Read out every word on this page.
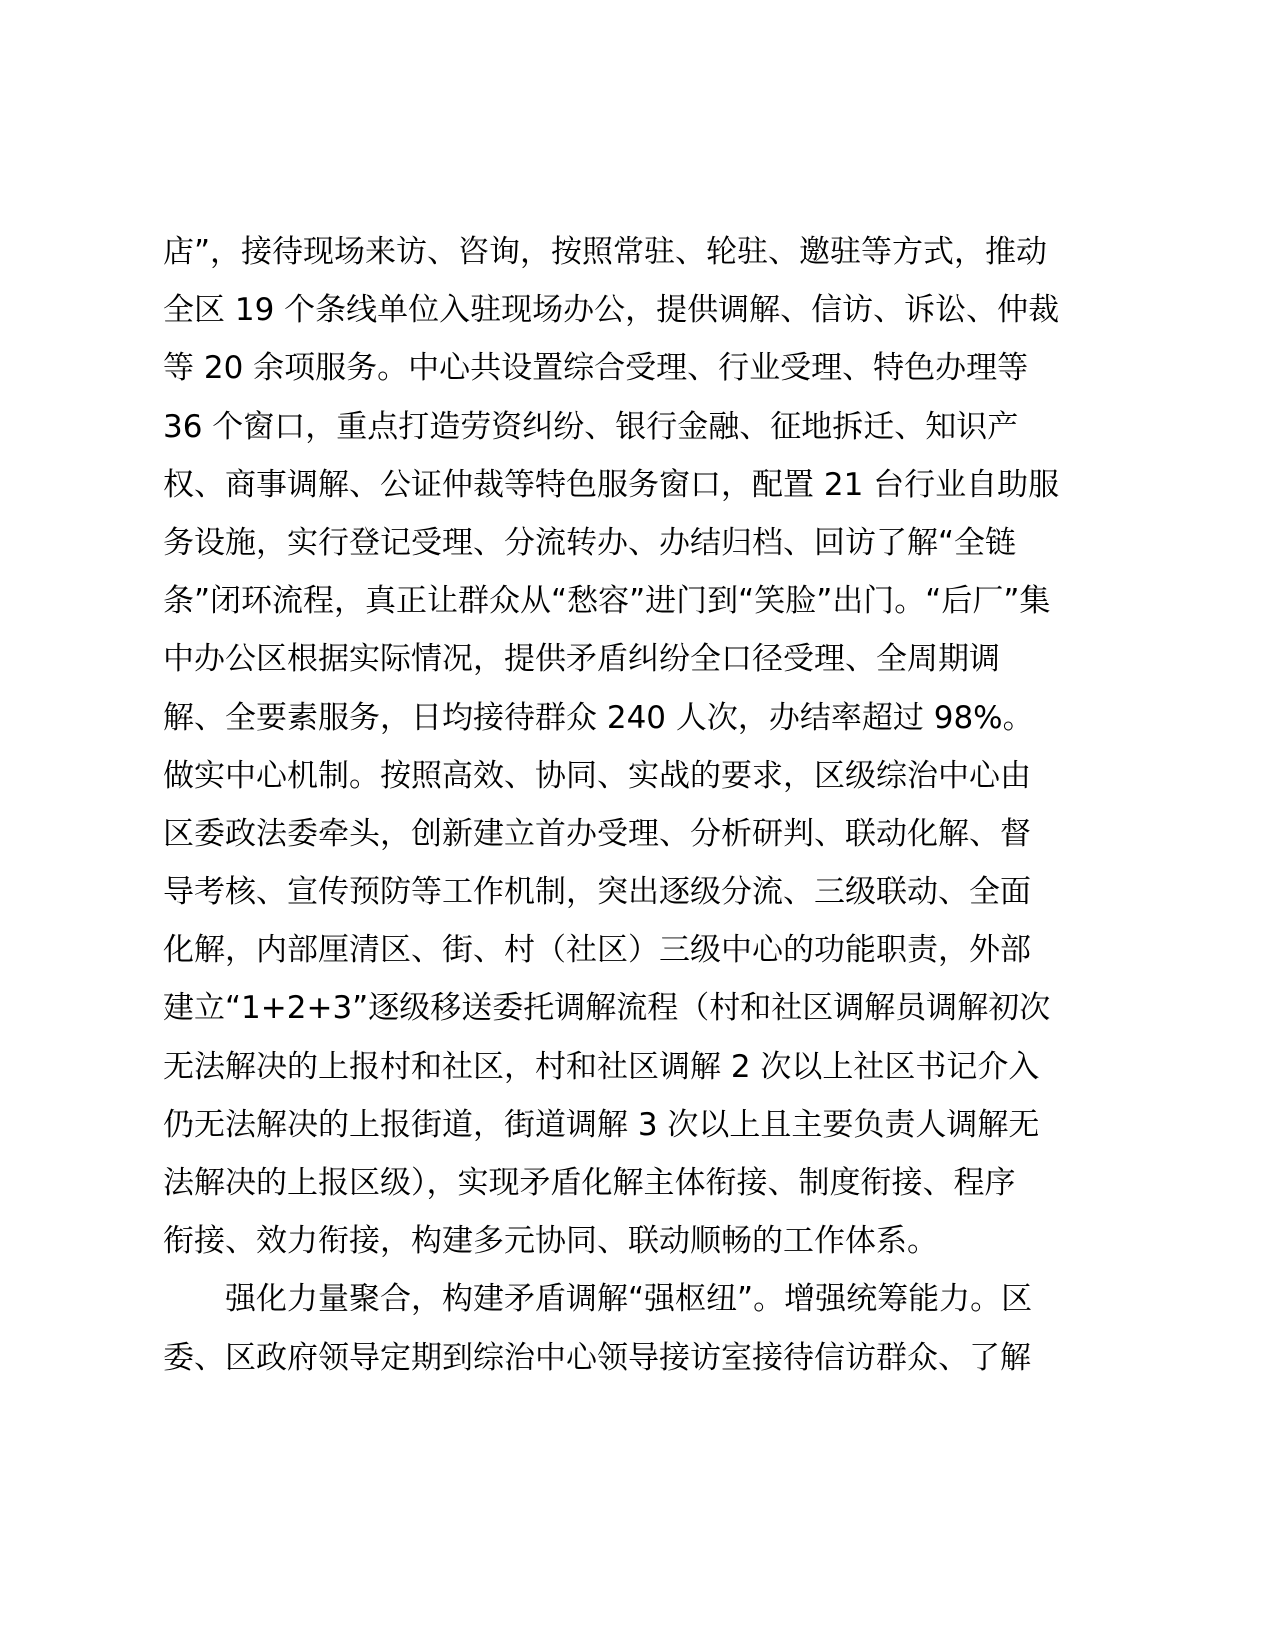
店”，接待现场来访、咨询，按照常驻、轮驻、邀驻等方式，推动
全区 19 个条线单位入驻现场办公，提供调解、信访、诉讼、仲裁
等 20 余项服务。中心共设置综合受理、行业受理、特色办理等
36 个窗口，重点打造劳资纠纷、银行金融、征地拆迁、知识产
权、商事调解、公证仲裁等特色服务窗口，配置 21 台行业自助服
务设施，实行登记受理、分流转办、办结归档、回访了解“全链
条”闭环流程，真正让群众从“愁容”进门到“笑脸”出门。“后厂”集
中办公区根据实际情况，提供矛盾纠纷全口径受理、全周期调
解、全要素服务，日均接待群众 240 人次，办结率超过 98%。
做实中心机制。按照高效、协同、实战的要求，区级综治中心由
区委政法委牵头，创新建立首办受理、分析研判、联动化解、督
导考核、宣传预防等工作机制，突出逐级分流、三级联动、全面
化解，内部厘清区、街、村（社区）三级中心的功能职责，外部
建立“1+2+3”逐级移送委托调解流程（村和社区调解员调解初次
无法解决的上报村和社区，村和社区调解 2 次以上社区书记介入
仍无法解决的上报街道，街道调解 3 次以上且主要负责人调解无
法解决的上报区级），实现矛盾化解主体衔接、制度衔接、程序
衔接、效力衔接，构建多元协同、联动顺畅的工作体系。
　　强化力量聚合，构建矛盾调解“强枢纽”。增强统筹能力。区
委、区政府领导定期到综治中心领导接访室接待信访群众、了解
